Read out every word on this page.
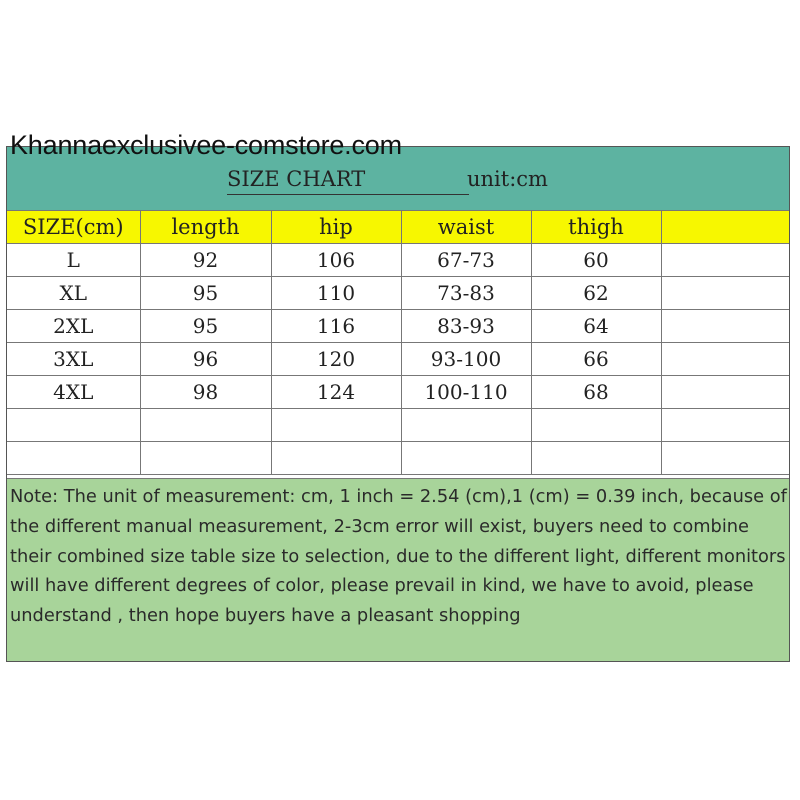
Khannaexclusivee-comstore.com
SIZE CHART	unit:cm
SIZE(cm)	length	hip	waist	thigh	
L	92	106	67-73	60	
XL	95	110	73-83	62	
2XL	95	116	83-93	64	
3XL	96	120	93-100	66	
4XL	98	124	100-110	68	

Note: The unit of measurement: cm, 1 inch = 2.54 (cm),1 (cm) = 0.39 inch, because of the different manual measurement, 2-3cm error will exist, buyers need to combine their combined size table size to selection, due to the different light, different monitors will have different degrees of color, please prevail in kind, we have to avoid, please understand , then hope buyers have a pleasant shopping
